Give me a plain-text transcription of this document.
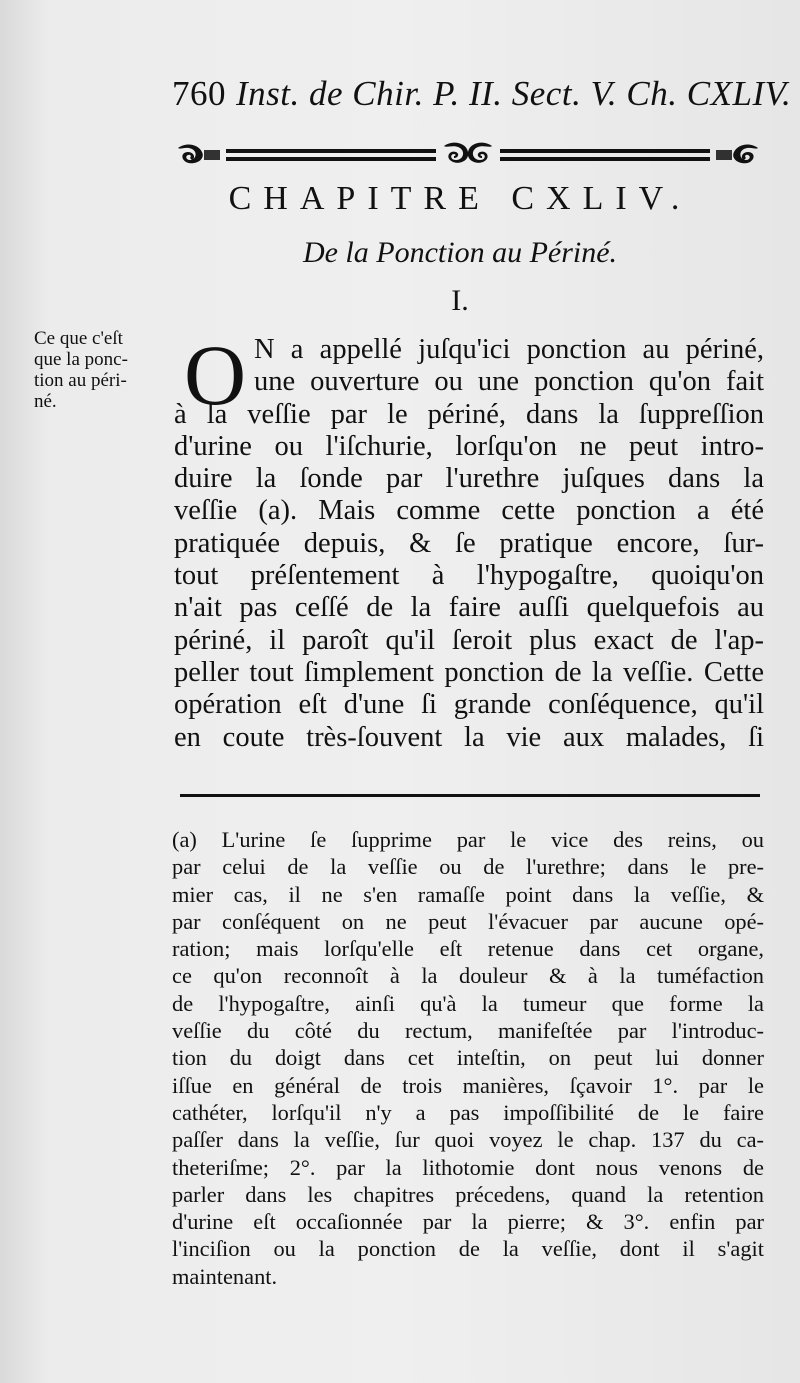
760 Inst. de Chir. P. II. Sect. V. Ch. CXLIV.
CHAPITRE CXLIV.
De la Ponction au Périné.
I.
Ce que c'eſt
que la ponc-
tion au péri-
né.	O N a appellé juſqu'ici ponction au périné,
une ouverture ou une ponction qu'on fait
à la veſſie par le périné, dans la ſuppreſſion
d'urine ou l'iſchurie, lorſqu'on ne peut intro-
duire la ſonde par l'urethre juſques dans la
veſſie (a). Mais comme cette ponction a été
pratiquée depuis, & ſe pratique encore, ſur-
tout préſentement à l'hypogaſtre, quoiqu'on
n'ait pas ceſſé de la faire auſſi quelquefois au
périné, il paroît qu'il ſeroit plus exact de l'ap-
peller tout ſimplement ponction de la veſſie. Cette
opération eſt d'une ſi grande conſéquence, qu'il
en coute très-ſouvent la vie aux malades, ſi
(a) L'urine ſe ſupprime par le vice des reins, ou
par celui de la veſſie ou de l'urethre; dans le pre-
mier cas, il ne s'en ramaſſe point dans la veſſie, &
par conſéquent on ne peut l'évacuer par aucune opé-
ration; mais lorſqu'elle eſt retenue dans cet organe,
ce qu'on reconnoît à la douleur & à la tuméfaction
de l'hypogaſtre, ainſi qu'à la tumeur que forme la
veſſie du côté du rectum, manifeſtée par l'introduc-
tion du doigt dans cet inteſtin, on peut lui donner
iſſue en général de trois manières, ſçavoir 1°. par le
cathéter, lorſqu'il n'y a pas impoſſibilité de le faire
paſſer dans la veſſie, ſur quoi voyez le chap. 137 du ca-
theteriſme; 2°. par la lithotomie dont nous venons de
parler dans les chapitres précedens, quand la retention
d'urine eſt occaſionnée par la pierre; & 3°. enfin par
l'inciſion ou la ponction de la veſſie, dont il s'agit
maintenant.
